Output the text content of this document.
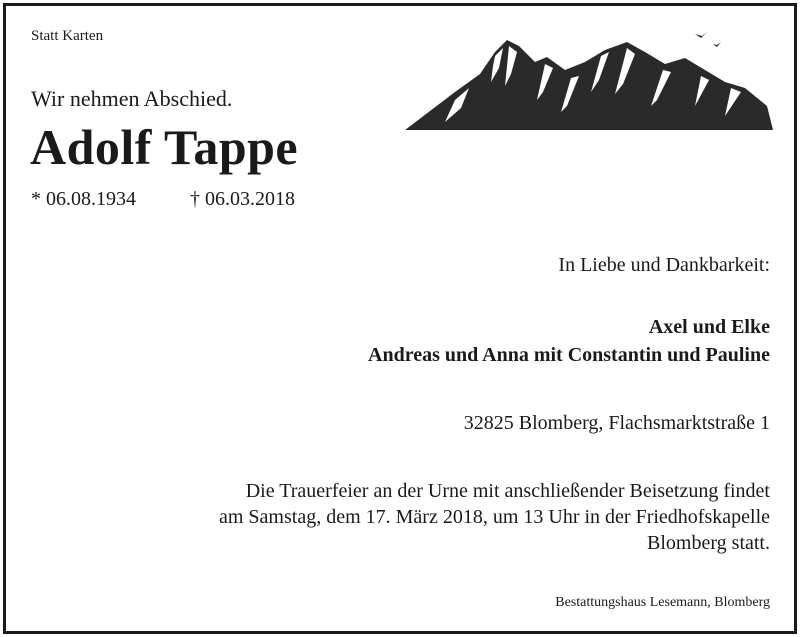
Statt Karten
Wir nehmen Abschied.
Adolf Tappe
* 06.08.1934	† 06.03.2018
In Liebe und Dankbarkeit:
Axel und Elke
Andreas und Anna mit Constantin und Pauline
32825 Blomberg, Flachsmarktstraße 1
Die Trauerfeier an der Urne mit anschließender Beisetzung findet
am Samstag, dem 17. März 2018, um 13 Uhr in der Friedhofskapelle
Blomberg statt.
Bestattungshaus Lesemann, Blomberg
